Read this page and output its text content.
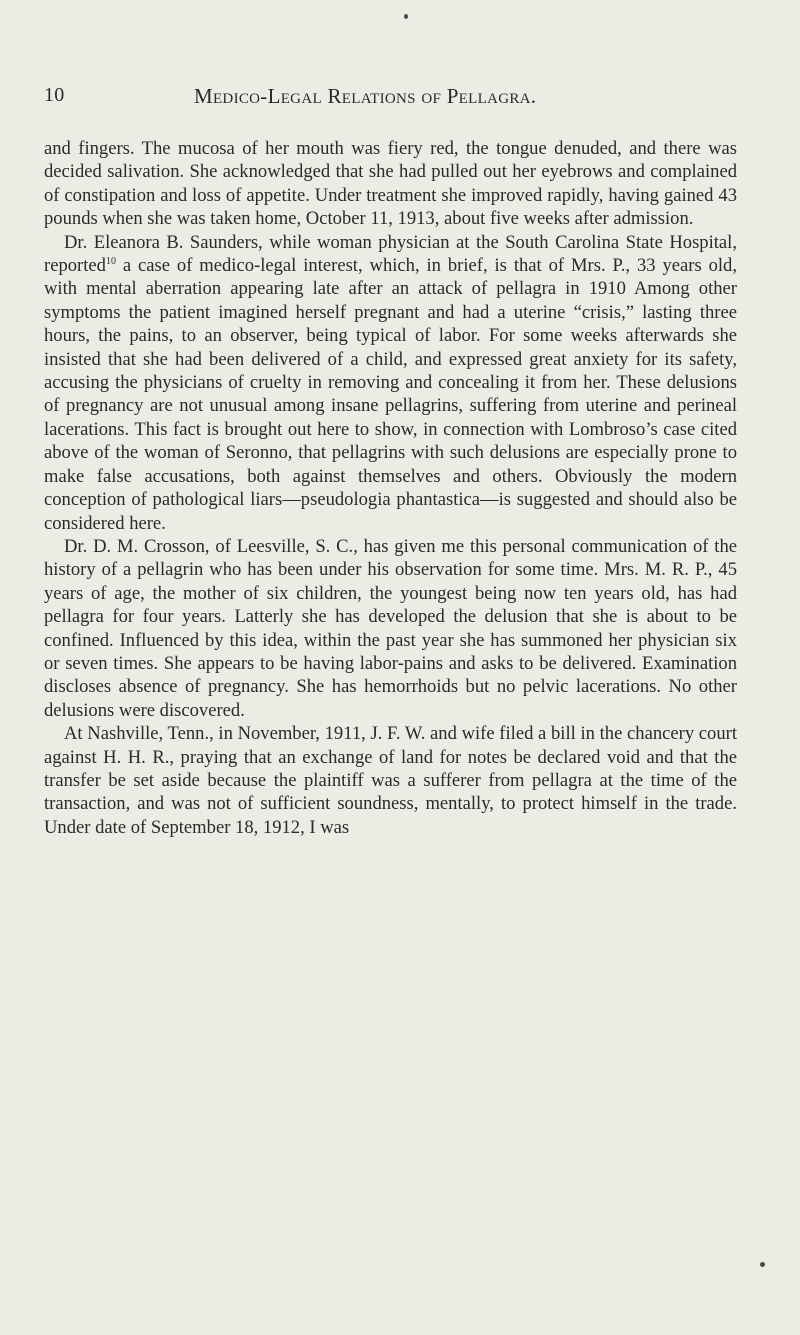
10	Medico-Legal Relations of Pellagra.

and fingers. The mucosa of her mouth was fiery red, the tongue denuded, and there was decided salivation. She acknowledged that she had pulled out her eyebrows and complained of constipation and loss of appetite. Under treatment she improved rapidly, having gained 43 pounds when she was taken home, October 11, 1913, about five weeks after admission.

Dr. Eleanora B. Saunders, while woman physician at the South Carolina State Hospital, reported$^{10}$ a case of medico-legal interest, which, in brief, is that of Mrs. P., 33 years old, with mental aberration appearing late after an attack of pellagra in 1910 Among other symptoms the patient imagined herself pregnant and had a uterine “crisis,” lasting three hours, the pains, to an observer, being typical of labor. For some weeks afterwards she insisted that she had been delivered of a child, and expressed great anxiety for its safety, accusing the physicians of cruelty in removing and concealing it from her. These delusions of pregnancy are not unusual among insane pellagrins, suffering from uterine and perineal lacerations. This fact is brought out here to show, in connection with Lombroso’s case cited above of the woman of Seronno, that pellagrins with such delusions are especially prone to make false accusations, both against themselves and others. Obviously the modern conception of pathological liars—pseudologia phantastica—is suggested and should also be considered here.

Dr. D. M. Crosson, of Leesville, S. C., has given me this personal communication of the history of a pellagrin who has been under his observation for some time. Mrs. M. R. P., 45 years of age, the mother of six children, the youngest being now ten years old, has had pellagra for four years. Latterly she has developed the delusion that she is about to be confined. Influenced by this idea, within the past year she has summoned her physician six or seven times. She appears to be having labor-pains and asks to be delivered. Examination discloses absence of pregnancy. She has hemorrhoids but no pelvic lacerations. No other delusions were discovered.

At Nashville, Tenn., in November, 1911, J. F. W. and wife filed a bill in the chancery court against H. H. R., praying that an exchange of land for notes be declared void and that the transfer be set aside because the plaintiff was a sufferer from pellagra at the time of the transaction, and was not of sufficient soundness, mentally, to protect himself in the trade. Under date of September 18, 1912, I was
